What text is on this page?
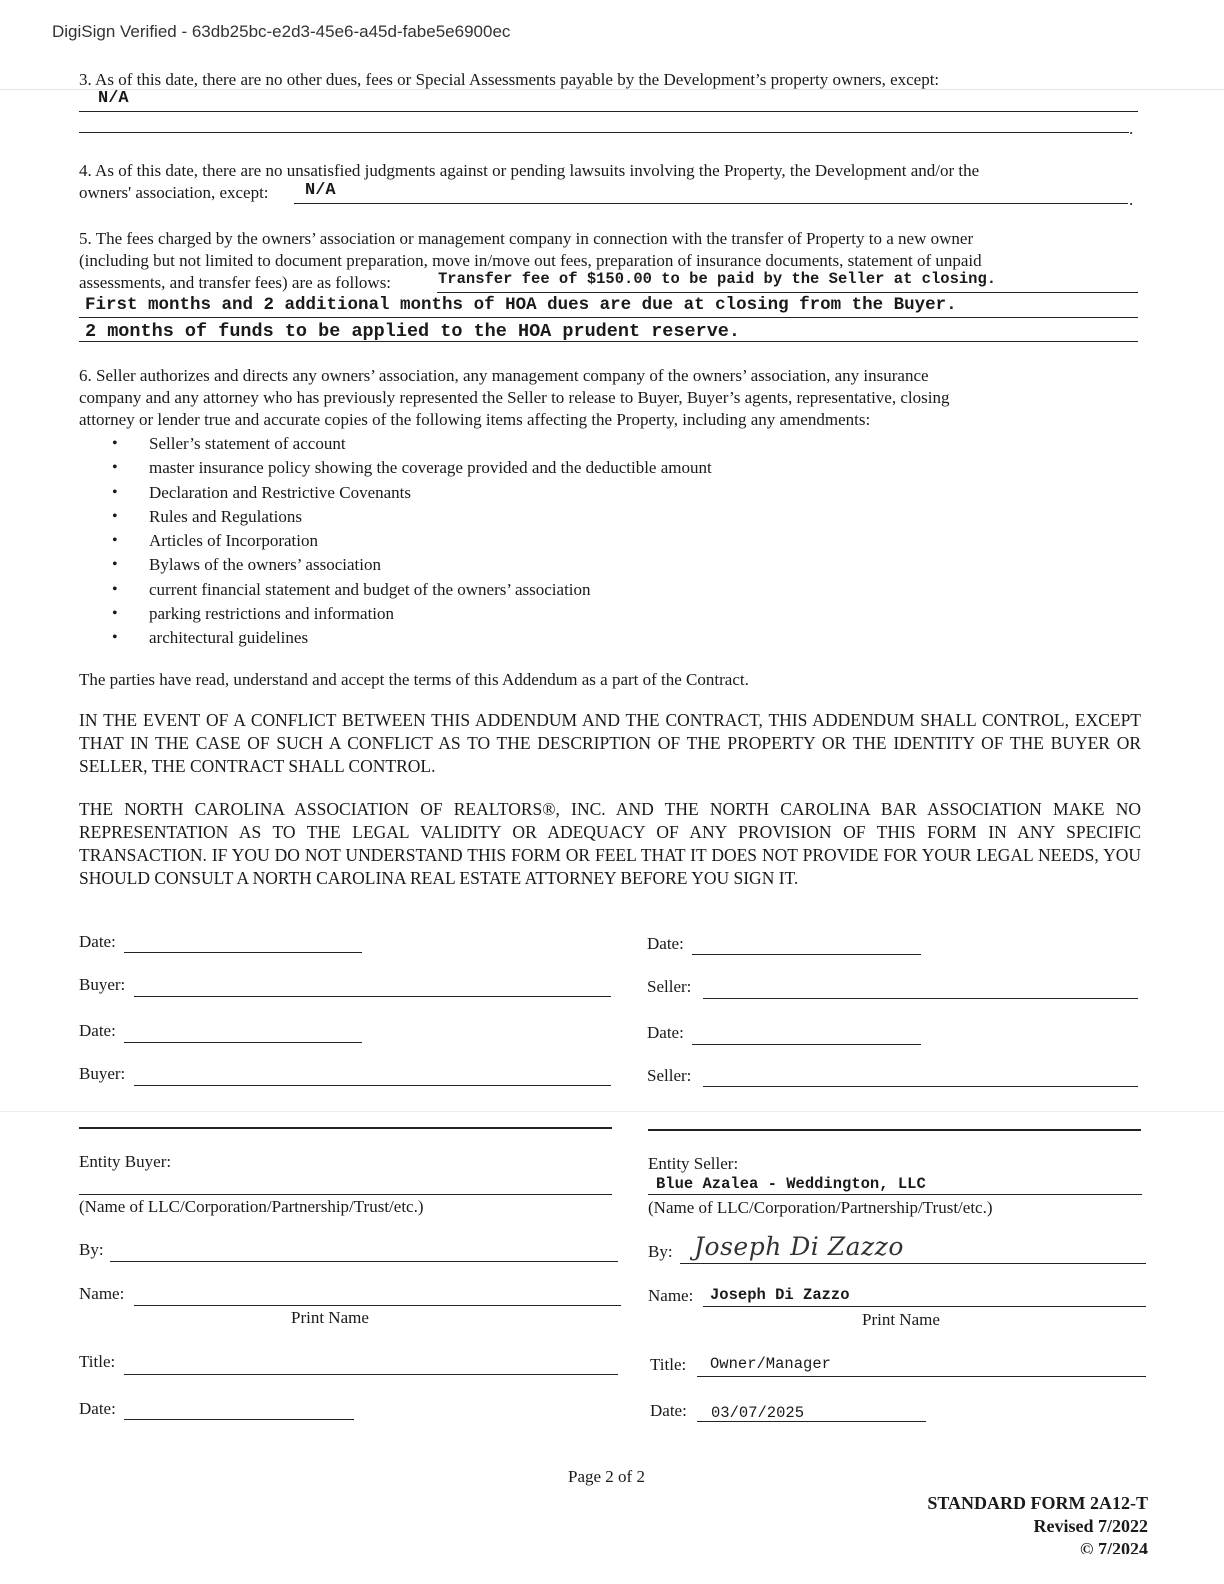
DigiSign Verified - 63db25bc-e2d3-45e6-a45d-fabe5e6900ec
3. As of this date, there are no other dues, fees or Special Assessments payable by the Development’s property owners, except:
N/A
.
4. As of this date, there are no unsatisfied judgments against or pending lawsuits involving the Property, the Development and/or the
owners' association, except: N/A	.
5. The fees charged by the owners’ association or management company in connection with the transfer of Property to a new owner
(including but not limited to document preparation, move in/move out fees, preparation of insurance documents, statement of unpaid
assessments, and transfer fees) are as follows:	Transfer fee of $150.00 to be paid by the Seller at closing.
First months and 2 additional months of HOA dues are due at closing from the Buyer.
2 months of funds to be applied to the HOA prudent reserve.
6. Seller authorizes and directs any owners’ association, any management company of the owners’ association, any insurance
company and any attorney who has previously represented the Seller to release to Buyer, Buyer’s agents, representative, closing
attorney or lender true and accurate copies of the following items affecting the Property, including any amendments:
• Seller’s statement of account
• master insurance policy showing the coverage provided and the deductible amount
• Declaration and Restrictive Covenants
• Rules and Regulations
• Articles of Incorporation
• Bylaws of the owners’ association
• current financial statement and budget of the owners’ association
• parking restrictions and information
• architectural guidelines
The parties have read, understand and accept the terms of this Addendum as a part of the Contract.
IN THE EVENT OF A CONFLICT BETWEEN THIS ADDENDUM AND THE CONTRACT, THIS ADDENDUM SHALL CONTROL, EXCEPT THAT IN THE CASE OF SUCH A CONFLICT AS TO THE DESCRIPTION OF THE PROPERTY OR THE IDENTITY OF THE BUYER OR SELLER, THE CONTRACT SHALL CONTROL.
THE NORTH CAROLINA ASSOCIATION OF REALTORS®, INC. AND THE NORTH CAROLINA BAR ASSOCIATION MAKE NO REPRESENTATION AS TO THE LEGAL VALIDITY OR ADEQUACY OF ANY PROVISION OF THIS FORM IN ANY SPECIFIC TRANSACTION. IF YOU DO NOT UNDERSTAND THIS FORM OR FEEL THAT IT DOES NOT PROVIDE FOR YOUR LEGAL NEEDS, YOU SHOULD CONSULT A NORTH CAROLINA REAL ESTATE ATTORNEY BEFORE YOU SIGN IT.
Date:
Buyer:
Date:
Buyer:
Date:
Seller:
Date:
Seller:
Entity Buyer:
(Name of LLC/Corporation/Partnership/Trust/etc.)
By:
Name:
Print Name
Title:
Date:
Entity Seller:
Blue Azalea - Weddington, LLC
(Name of LLC/Corporation/Partnership/Trust/etc.)
By: Joseph Di Zazzo
Name: Joseph Di Zazzo
Print Name
Title: Owner/Manager
Date: 03/07/2025
Page 2 of 2
STANDARD FORM 2A12-T
Revised 7/2022
© 7/2024
